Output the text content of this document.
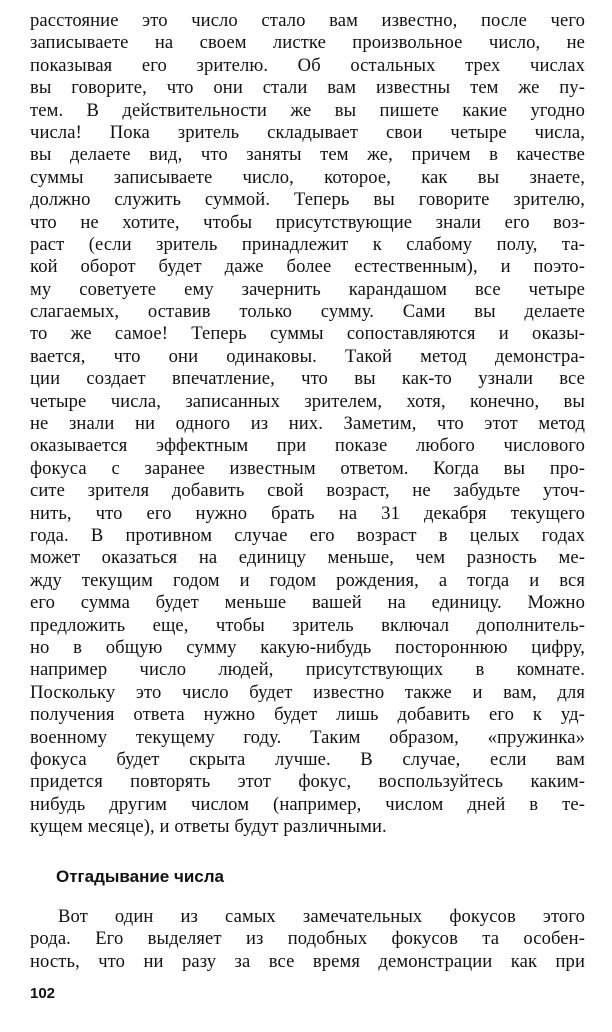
расстояние это число стало вам известно, после чего
записываете на своем листке произвольное число, не
показывая его зрителю. Об остальных трех числах
вы говорите, что они стали вам известны тем же пу-
тем. В действительности же вы пишете какие угодно
числа! Пока зритель складывает свои четыре числа,
вы делаете вид, что заняты тем же, причем в качестве
суммы записываете число, которое, как вы знаете,
должно служить суммой. Теперь вы говорите зрителю,
что не хотите, чтобы присутствующие знали его воз-
раст (если зритель принадлежит к слабому полу, та-
кой оборот будет даже более естественным), и поэто-
му советуете ему зачернить карандашом все четыре
слагаемых, оставив только сумму. Сами вы делаете
то же самое! Теперь суммы сопоставляются и оказы-
вается, что они одинаковы. Такой метод демонстра-
ции создает впечатление, что вы как-то узнали все
четыре числа, записанных зрителем, хотя, конечно, вы
не знали ни одного из них. Заметим, что этот метод
оказывается эффектным при показе любого числового
фокуса с заранее известным ответом. Когда вы про-
сите зрителя добавить свой возраст, не забудьте уточ-
нить, что его нужно брать на 31 декабря текущего
года. В противном случае его возраст в целых годах
может оказаться на единицу меньше, чем разность ме-
жду текущим годом и годом рождения, а тогда и вся
его сумма будет меньше вашей на единицу. Можно
предложить еще, чтобы зритель включал дополнитель-
но в общую сумму какую-нибудь постороннюю цифру,
например число людей, присутствующих в комнате.
Поскольку это число будет известно также и вам, для
получения ответа нужно будет лишь добавить его к уд-
военному текущему году. Таким образом, «пружинка»
фокуса будет скрыта лучше. В случае, если вам
придется повторять этот фокус, воспользуйтесь каким-
нибудь другим числом (например, числом дней в те-
кущем месяце), и ответы будут различными.
Отгадывание числа
Вот один из самых замечательных фокусов этого
рода. Его выделяет из подобных фокусов та особен-
ность, что ни разу за все время демонстрации как при
102
